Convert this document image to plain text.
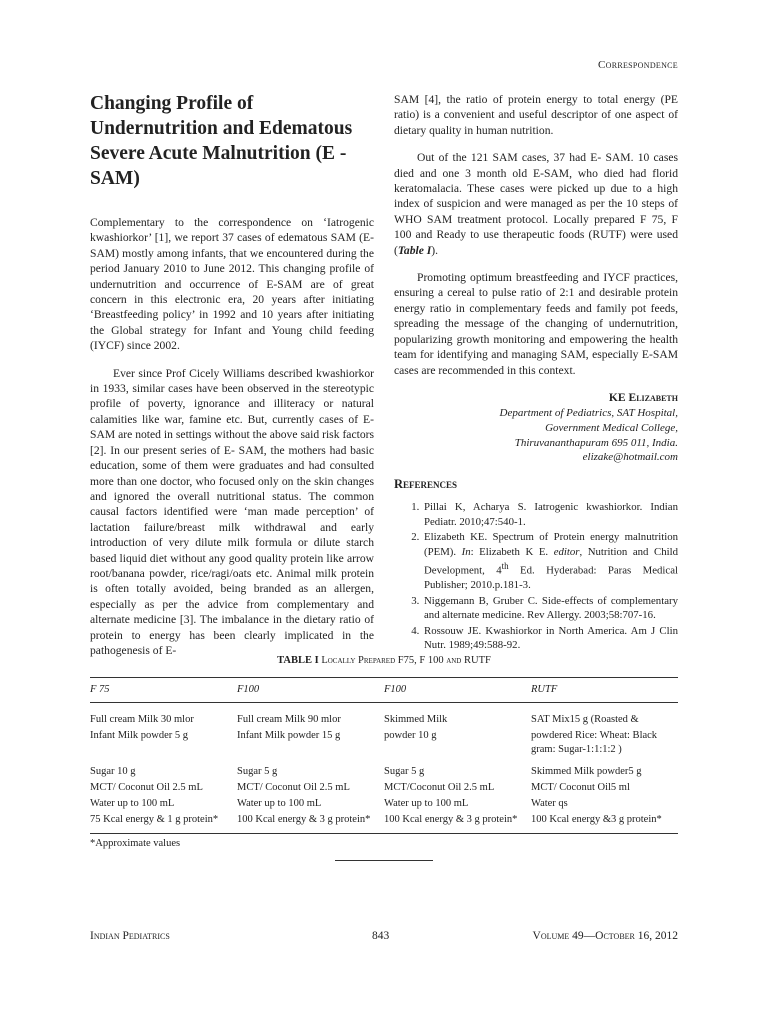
Correspondence
Changing Profile of Undernutrition and Edematous Severe Acute Malnutrition (E -SAM)

Complementary to the correspondence on ‘Iatrogenic kwashiorkor’ [1], we report 37 cases of edematous SAM (E-SAM) mostly among infants, that we encountered during the period January 2010 to June 2012. This changing profile of undernutrition and occurrence of E-SAM are of great concern in this electronic era, 20 years after initiating ‘Breastfeeding policy’ in 1992 and 10 years after initiating the Global strategy for Infant and Young child feeding (IYCF) since 2002.

Ever since Prof Cicely Williams described kwashiorkor in 1933, similar cases have been observed in the stereotypic profile of poverty, ignorance and illiteracy or natural calamities like war, famine etc. But, currently cases of E-SAM are noted in settings without the above said risk factors [2]. In our present series of E- SAM, the mothers had basic education, some of them were graduates and had consulted more than one doctor, who focused only on the skin changes and ignored the overall nutritional status. The common causal factors identified were ‘man made perception’ of lactation failure/breast milk withdrawal and early introduction of very dilute milk formula or dilute starch based liquid diet without any good quality protein like arrow root/banana powder, rice/ragi/oats etc. Animal milk protein is often totally avoided, being branded as an allergen, especially as per the advice from complementary and alternate medicine [3]. The imbalance in the dietary ratio of protein to energy has been clearly implicated in the pathogenesis of E-

SAM [4], the ratio of protein energy to total energy (PE ratio) is a convenient and useful descriptor of one aspect of dietary quality in human nutrition.

Out of the 121 SAM cases, 37 had E- SAM. 10 cases died and one 3 month old E-SAM, who died had florid keratomalacia. These cases were picked up due to a high index of suspicion and were managed as per the 10 steps of WHO SAM treatment protocol. Locally prepared F 75, F 100 and Ready to use therapeutic foods (RUTF) were used (Table I).

Promoting optimum breastfeeding and IYCF practices, ensuring a cereal to pulse ratio of 2:1 and desirable protein energy ratio in complementary feeds and family pot feeds, spreading the message of the changing of undernutrition, popularizing growth monitoring and empowering the health team for identifying and managing SAM, especially E-SAM cases are recommended in this context.

KE Elizabeth
Department of Pediatrics, SAT Hospital,
Government Medical College,
Thiruvananthapuram 695 011, India.
elizake@hotmail.com
References
1. Pillai K, Acharya S. Iatrogenic kwashiorkor. Indian Pediatr. 2010;47:540-1.
2. Elizabeth KE. Spectrum of Protein energy malnutrition (PEM). In: Elizabeth K E. editor, Nutrition and Child Development, 4th Ed. Hyderabad: Paras Medical Publisher; 2010.p.181-3.
3. Niggemann B, Gruber C. Side-effects of complementary and alternate medicine. Rev Allergy. 2003;58:707-16.
4. Rossouw JE. Kwashiorkor in North America. Am J Clin Nutr. 1989;49:588-92.
TABLE I Locally Prepared F75, F 100 and RUTF
F 75	F100	F100	RUTF
Full cream Milk 30 mlor	Full cream Milk 90 mlor	Skimmed Milk	SAT Mix15 g (Roasted &
Infant Milk powder 5 g	Infant Milk powder 15 g	powder 10 g	powdered Rice: Wheat: Black gram: Sugar-1:1:1:2 )
Sugar 10 g	Sugar 5 g	Sugar 5 g	Skimmed Milk powder5 g
MCT/ Coconut Oil 2.5 mL	MCT/ Coconut Oil 2.5 mL	MCT/Coconut Oil 2.5 mL	MCT/ Coconut Oil5 ml
Water up to 100 mL	Water up to 100 mL	Water up to 100 mL	Water qs
75 Kcal energy & 1 g protein*	100 Kcal energy & 3 g protein*	100 Kcal energy & 3 g protein*	100 Kcal energy &3 g protein*
*Approximate values
Indian Pediatrics	843	Volume 49—October 16, 2012
